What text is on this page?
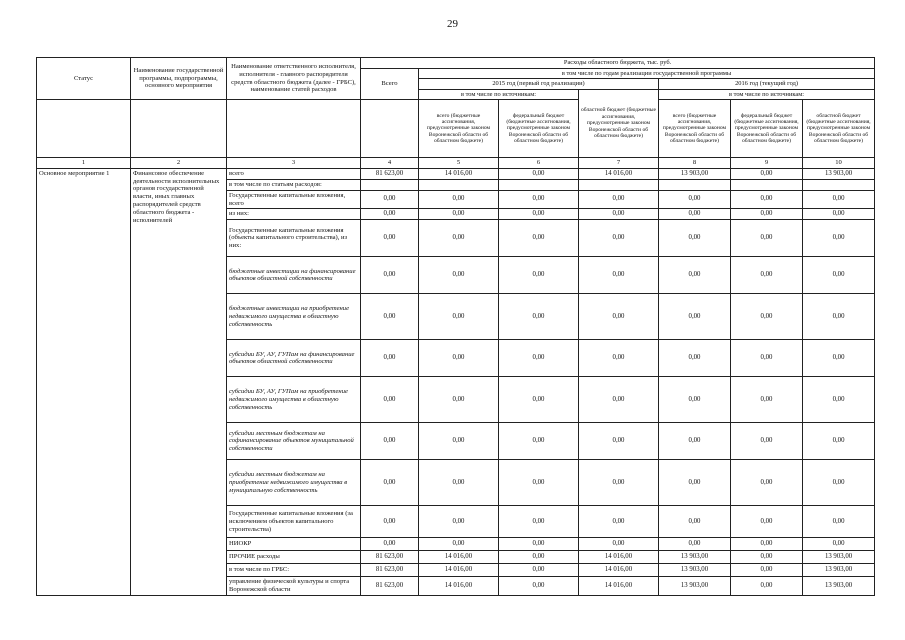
29
Статус	Наименование государственной программы, подпрограммы, основного мероприятия	Наименование ответственного исполнителя, исполнителя - главного распорядителя средств областного бюджета (далее - ГРБС), наименование статей расходов	Расходы областного бюджета, тыс. руб.						
			Всего	в том числе по годам реализации государственной программы					
				2015 год (первый год реализации)			2016 год (текущий год)		
				в том числе по источникам:		областной бюджет (бюджетные ассигнования, предусмотренные законом Воронежской области об областном бюджете)	в том числе по источникам:		
				всего (бюджетные ассигнования, предусмотренные законом Воронежской области об областном бюджете)	федеральный бюджет (бюджетные ассигнования, предусмотренные законом Воронежской области об областном бюджете)		всего (бюджетные ассигнования, предусмотренные законом Воронежской области об областном бюджете)	федеральный бюджет (бюджетные ассигнования, предусмотренные законом Воронежской области об областном бюджете)	областной бюджет (бюджетные ассигнования, предусмотренные законом Воронежской области об областном бюджете)
1	2	3	4	5	6	7	8	9	10
Основное мероприятие 1	Финансовое обеспечение деятельности исполнительных органов государственной власти, иных главных распорядителей средств областного бюджета - исполнителей	всего	81 623,00	14 016,00	0,00	14 016,00	13 903,00	0,00	13 903,00
		в том числе по статьям расходов:							
		Государственные капитальные вложения, всего	0,00	0,00	0,00	0,00	0,00	0,00	0,00
		из них:	0,00	0,00	0,00	0,00	0,00	0,00	0,00
		Государственные капитальные вложения (объекты капитального строительства), из них:	0,00	0,00	0,00	0,00	0,00	0,00	0,00
		бюджетные инвестиции на финансирование объектов областной собственности	0,00	0,00	0,00	0,00	0,00	0,00	0,00
		бюджетные инвестиции на приобретение недвижимого имущества в областную собственность	0,00	0,00	0,00	0,00	0,00	0,00	0,00
		субсидии БУ, АУ, ГУПам на финансирование объектов областной собственности	0,00	0,00	0,00	0,00	0,00	0,00	0,00
		субсидии БУ, АУ, ГУПам на приобретение недвижимого имущества в областную собственность	0,00	0,00	0,00	0,00	0,00	0,00	0,00
		субсидии местным бюджетам на софинансирование объектов муниципальной собственности	0,00	0,00	0,00	0,00	0,00	0,00	0,00
		субсидии местным бюджетам на приобретение недвижимого имущества в муниципальную собственность	0,00	0,00	0,00	0,00	0,00	0,00	0,00
		Государственные капитальные вложения (за исключением объектов капитального строительства)	0,00	0,00	0,00	0,00	0,00	0,00	0,00
		НИОКР	0,00	0,00	0,00	0,00	0,00	0,00	0,00
		ПРОЧИЕ расходы	81 623,00	14 016,00	0,00	14 016,00	13 903,00	0,00	13 903,00
		в том числе по ГРБС:	81 623,00	14 016,00	0,00	14 016,00	13 903,00	0,00	13 903,00
		управление физической культуры и спорта Воронежской области	81 623,00	14 016,00	0,00	14 016,00	13 903,00	0,00	13 903,00
